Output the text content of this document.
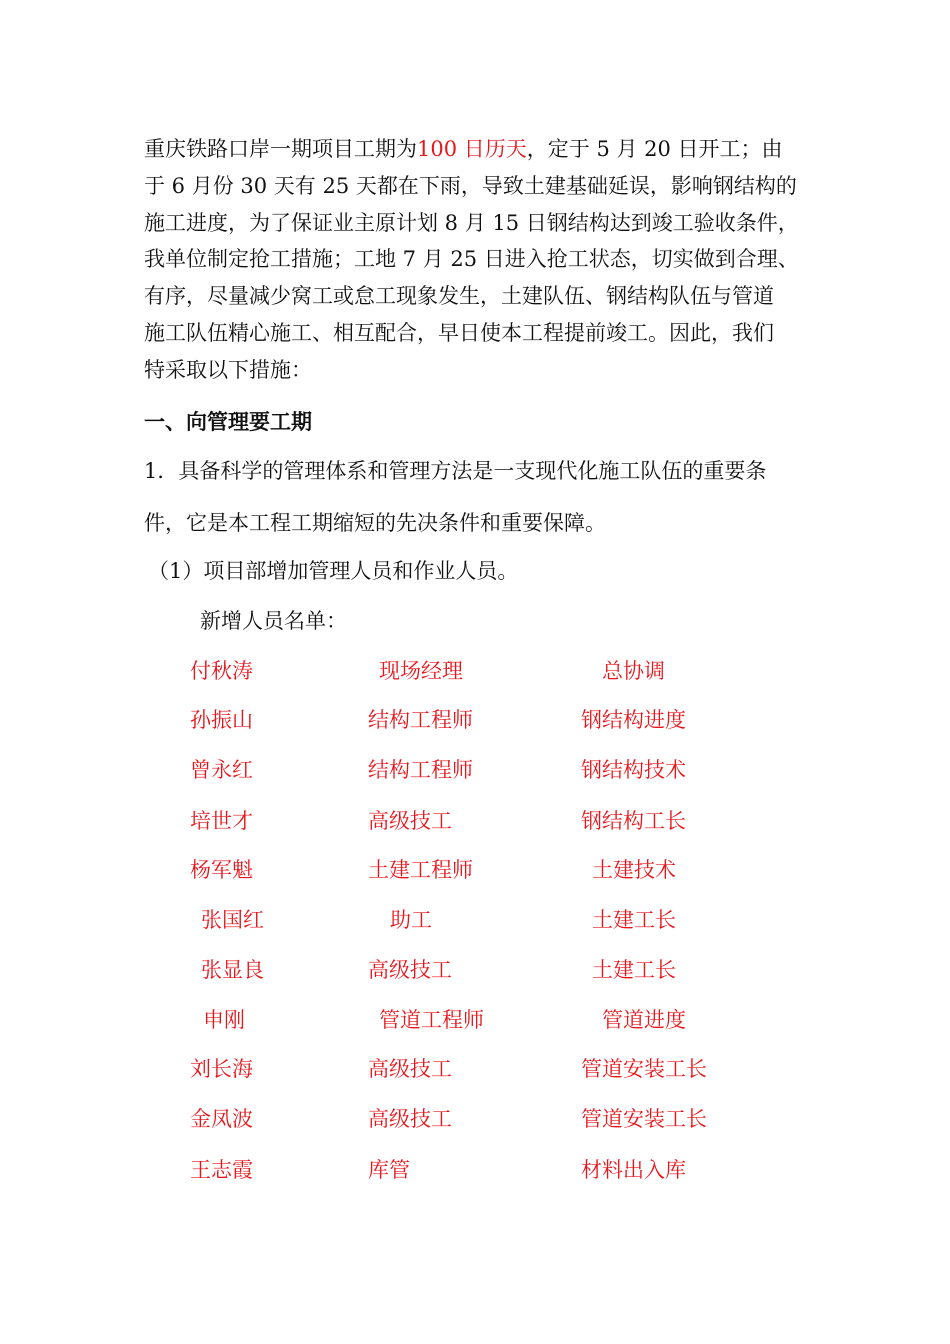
重庆铁路口岸一期项目工期为100 日历天，定于 5 月 20 日开工；由
于 6 月份 30 天有 25 天都在下雨，导致土建基础延误，影响钢结构的
施工进度，为了保证业主原计划 8 月 15 日钢结构达到竣工验收条件，
我单位制定抢工措施；工地 7 月 25 日进入抢工状态，切实做到合理、
有序，尽量减少窝工或怠工现象发生，土建队伍、钢结构队伍与管道
施工队伍精心施工、相互配合，早日使本工程提前竣工。因此，我们
特采取以下措施：
一、向管理要工期
1．具备科学的管理体系和管理方法是一支现代化施工队伍的重要条
件，它是本工程工期缩短的先决条件和重要保障。
（1）项目部增加管理人员和作业人员。
新增人员名单：
付秋涛	现场经理	总协调
孙振山	结构工程师	钢结构进度
曾永红	结构工程师	钢结构技术
培世才	高级技工	钢结构工长
杨军魁	土建工程师	土建技术
张国红	助工	土建工长
张显良	高级技工	土建工长
申刚	管道工程师	管道进度
刘长海	高级技工	管道安装工长
金凤波	高级技工	管道安装工长
王志霞	库管	材料出入库
